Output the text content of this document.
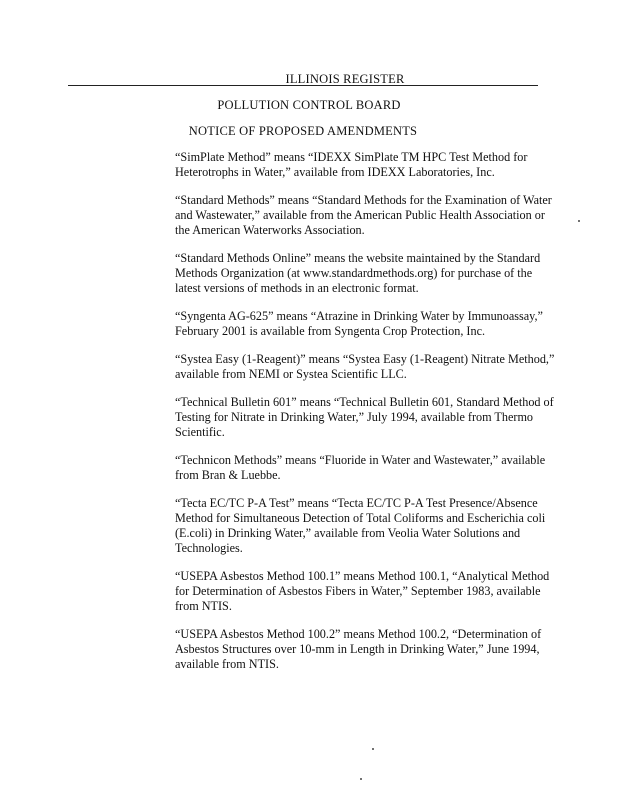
ILLINOIS REGISTER
POLLUTION CONTROL BOARD
NOTICE OF PROPOSED AMENDMENTS

“SimPlate Method” means “IDEXX SimPlate TM HPC Test Method for Heterotrophs in Water,” available from IDEXX Laboratories, Inc.

“Standard Methods” means “Standard Methods for the Examination of Water and Wastewater,” available from the American Public Health Association or the American Waterworks Association.

“Standard Methods Online” means the website maintained by the Standard Methods Organization (at www.standardmethods.org) for purchase of the latest versions of methods in an electronic format.

“Syngenta AG-625” means “Atrazine in Drinking Water by Immunoassay,” February 2001 is available from Syngenta Crop Protection, Inc.

“Systea Easy (1-Reagent)” means “Systea Easy (1-Reagent) Nitrate Method,” available from NEMI or Systea Scientific LLC.

“Technical Bulletin 601” means “Technical Bulletin 601, Standard Method of Testing for Nitrate in Drinking Water,” July 1994, available from Thermo Scientific.

“Technicon Methods” means “Fluoride in Water and Wastewater,” available from Bran & Luebbe.

“Tecta EC/TC P-A Test” means “Tecta EC/TC P-A Test Presence/Absence Method for Simultaneous Detection of Total Coliforms and Escherichia coli (E.coli) in Drinking Water,” available from Veolia Water Solutions and Technologies.

“USEPA Asbestos Method 100.1” means Method 100.1, “Analytical Method for Determination of Asbestos Fibers in Water,” September 1983, available from NTIS.

“USEPA Asbestos Method 100.2” means Method 100.2, “Determination of Asbestos Structures over 10-mm in Length in Drinking Water,” June 1994, available from NTIS.
